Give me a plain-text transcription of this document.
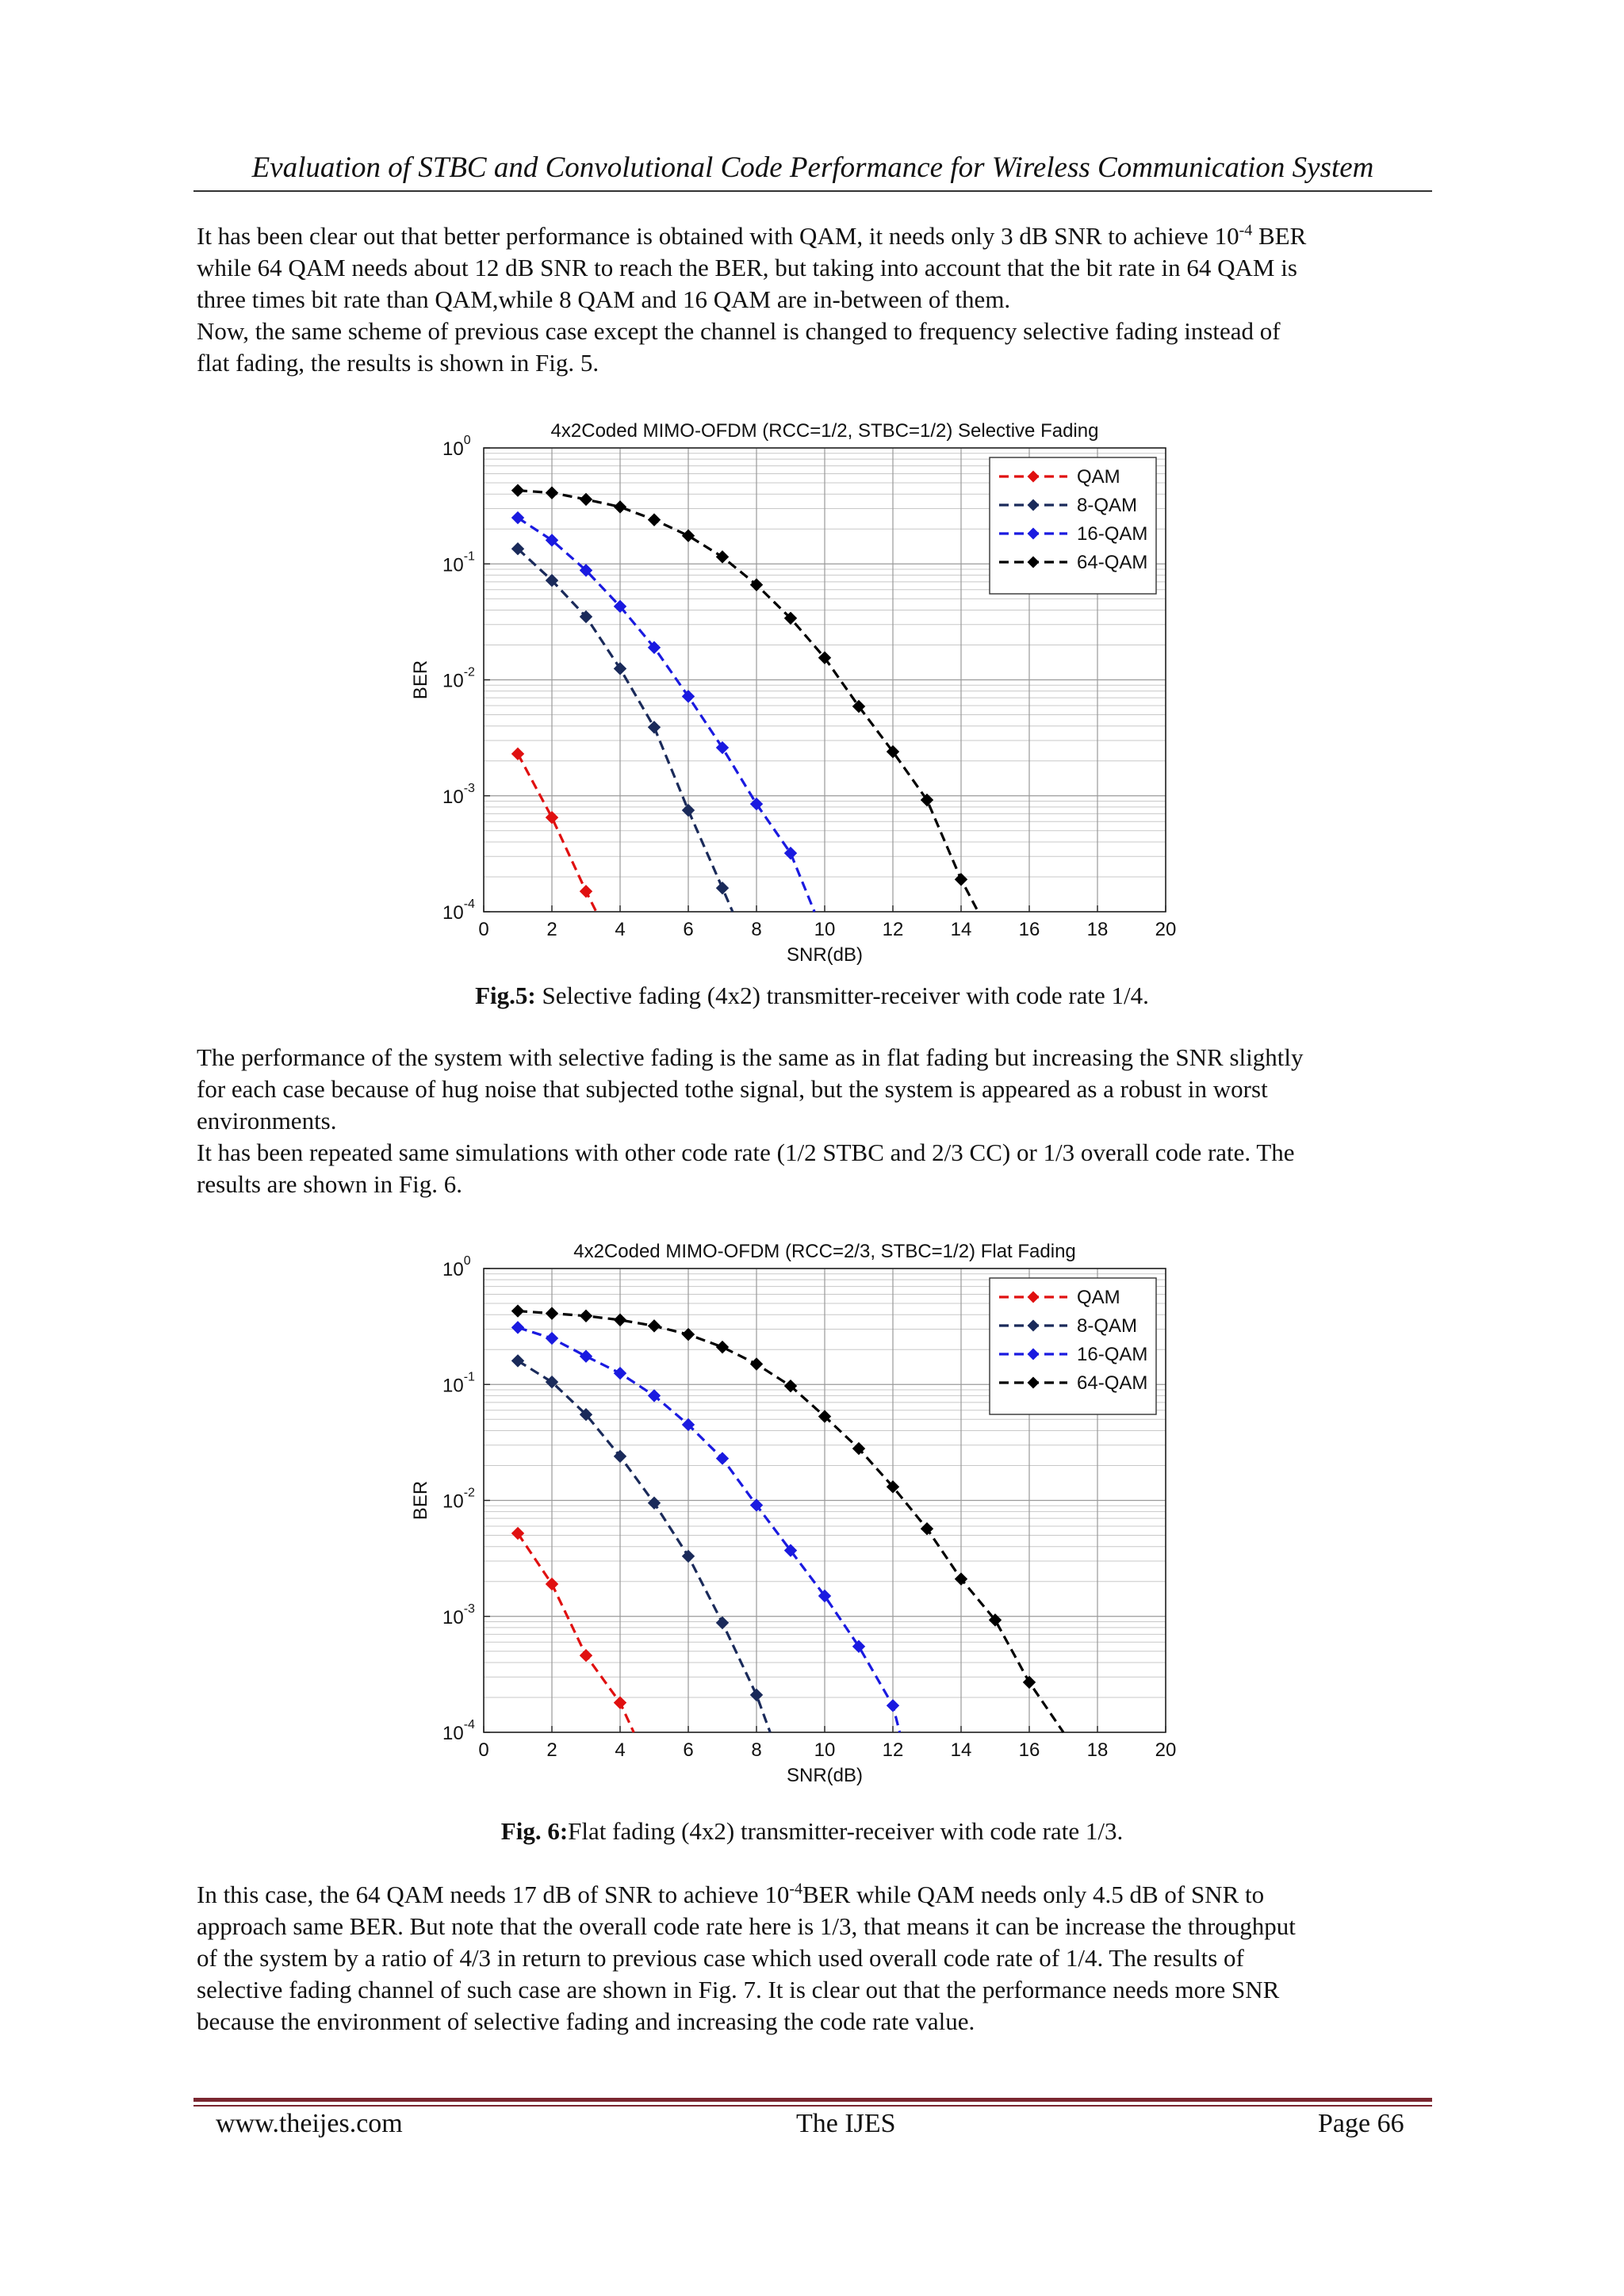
Evaluation of STBC and Convolutional Code Performance for Wireless Communication System
It has been clear out that better performance is obtained with QAM, it needs only 3 dB SNR to achieve $10^{-4}$ BER
while 64 QAM needs about 12 dB SNR to reach the BER, but taking into account that the bit rate in 64 QAM is
three times bit rate than QAM,while 8 QAM and 16 QAM are in-between of them.
Now, the same scheme of previous case except the channel is changed to frequency selective fading instead of
flat fading, the results is shown in Fig. 5.
0	2	4	6	8	10 12 14 16 18 20
$10^0$
$10^{-1}$
$10^{-2}$
$10^{-3}$
$10^{-4}$
4x2Coded MIMO-OFDM (RCC=1/2, STBC=1/2) Selective Fading
SNR(dB)
BER
QAM
8-QAM
16-QAM
64-QAM
Fig.5: Selective fading (4x2) transmitter-receiver with code rate 1/4.
The performance of the system with selective fading is the same as in flat fading but increasing the SNR slightly
for each case because of hug noise that subjected tothe signal, but the system is appeared as a robust in worst
environments.
It has been repeated same simulations with other code rate (1/2 STBC and 2/3 CC) or 1/3 overall code rate. The
results are shown in Fig. 6.
0	2	4	6	8	10 12 14 16 18 20
$10^0$
$10^{-1}$
$10^{-2}$
$10^{-3}$
$10^{-4}$
4x2Coded MIMO-OFDM (RCC=2/3, STBC=1/2) Flat Fading
SNR(dB)
BER
QAM
8-QAM
16-QAM
64-QAM
Fig. 6:Flat fading (4x2) transmitter-receiver with code rate 1/3.
In this case, the 64 QAM needs 17 dB of SNR to achieve $10^{-4}BER$ while QAM needs only 4.5 dB of SNR to
approach same BER. But note that the overall code rate here is 1/3, that means it can be increase the throughput
of the system by a ratio of 4/3 in return to previous case which used overall code rate of 1/4. The results of
selective fading channel of such case are shown in Fig. 7. It is clear out that the performance needs more SNR
because the environment of selective fading and increasing the code rate value.
www.theijes.com	The IJES	Page 66
